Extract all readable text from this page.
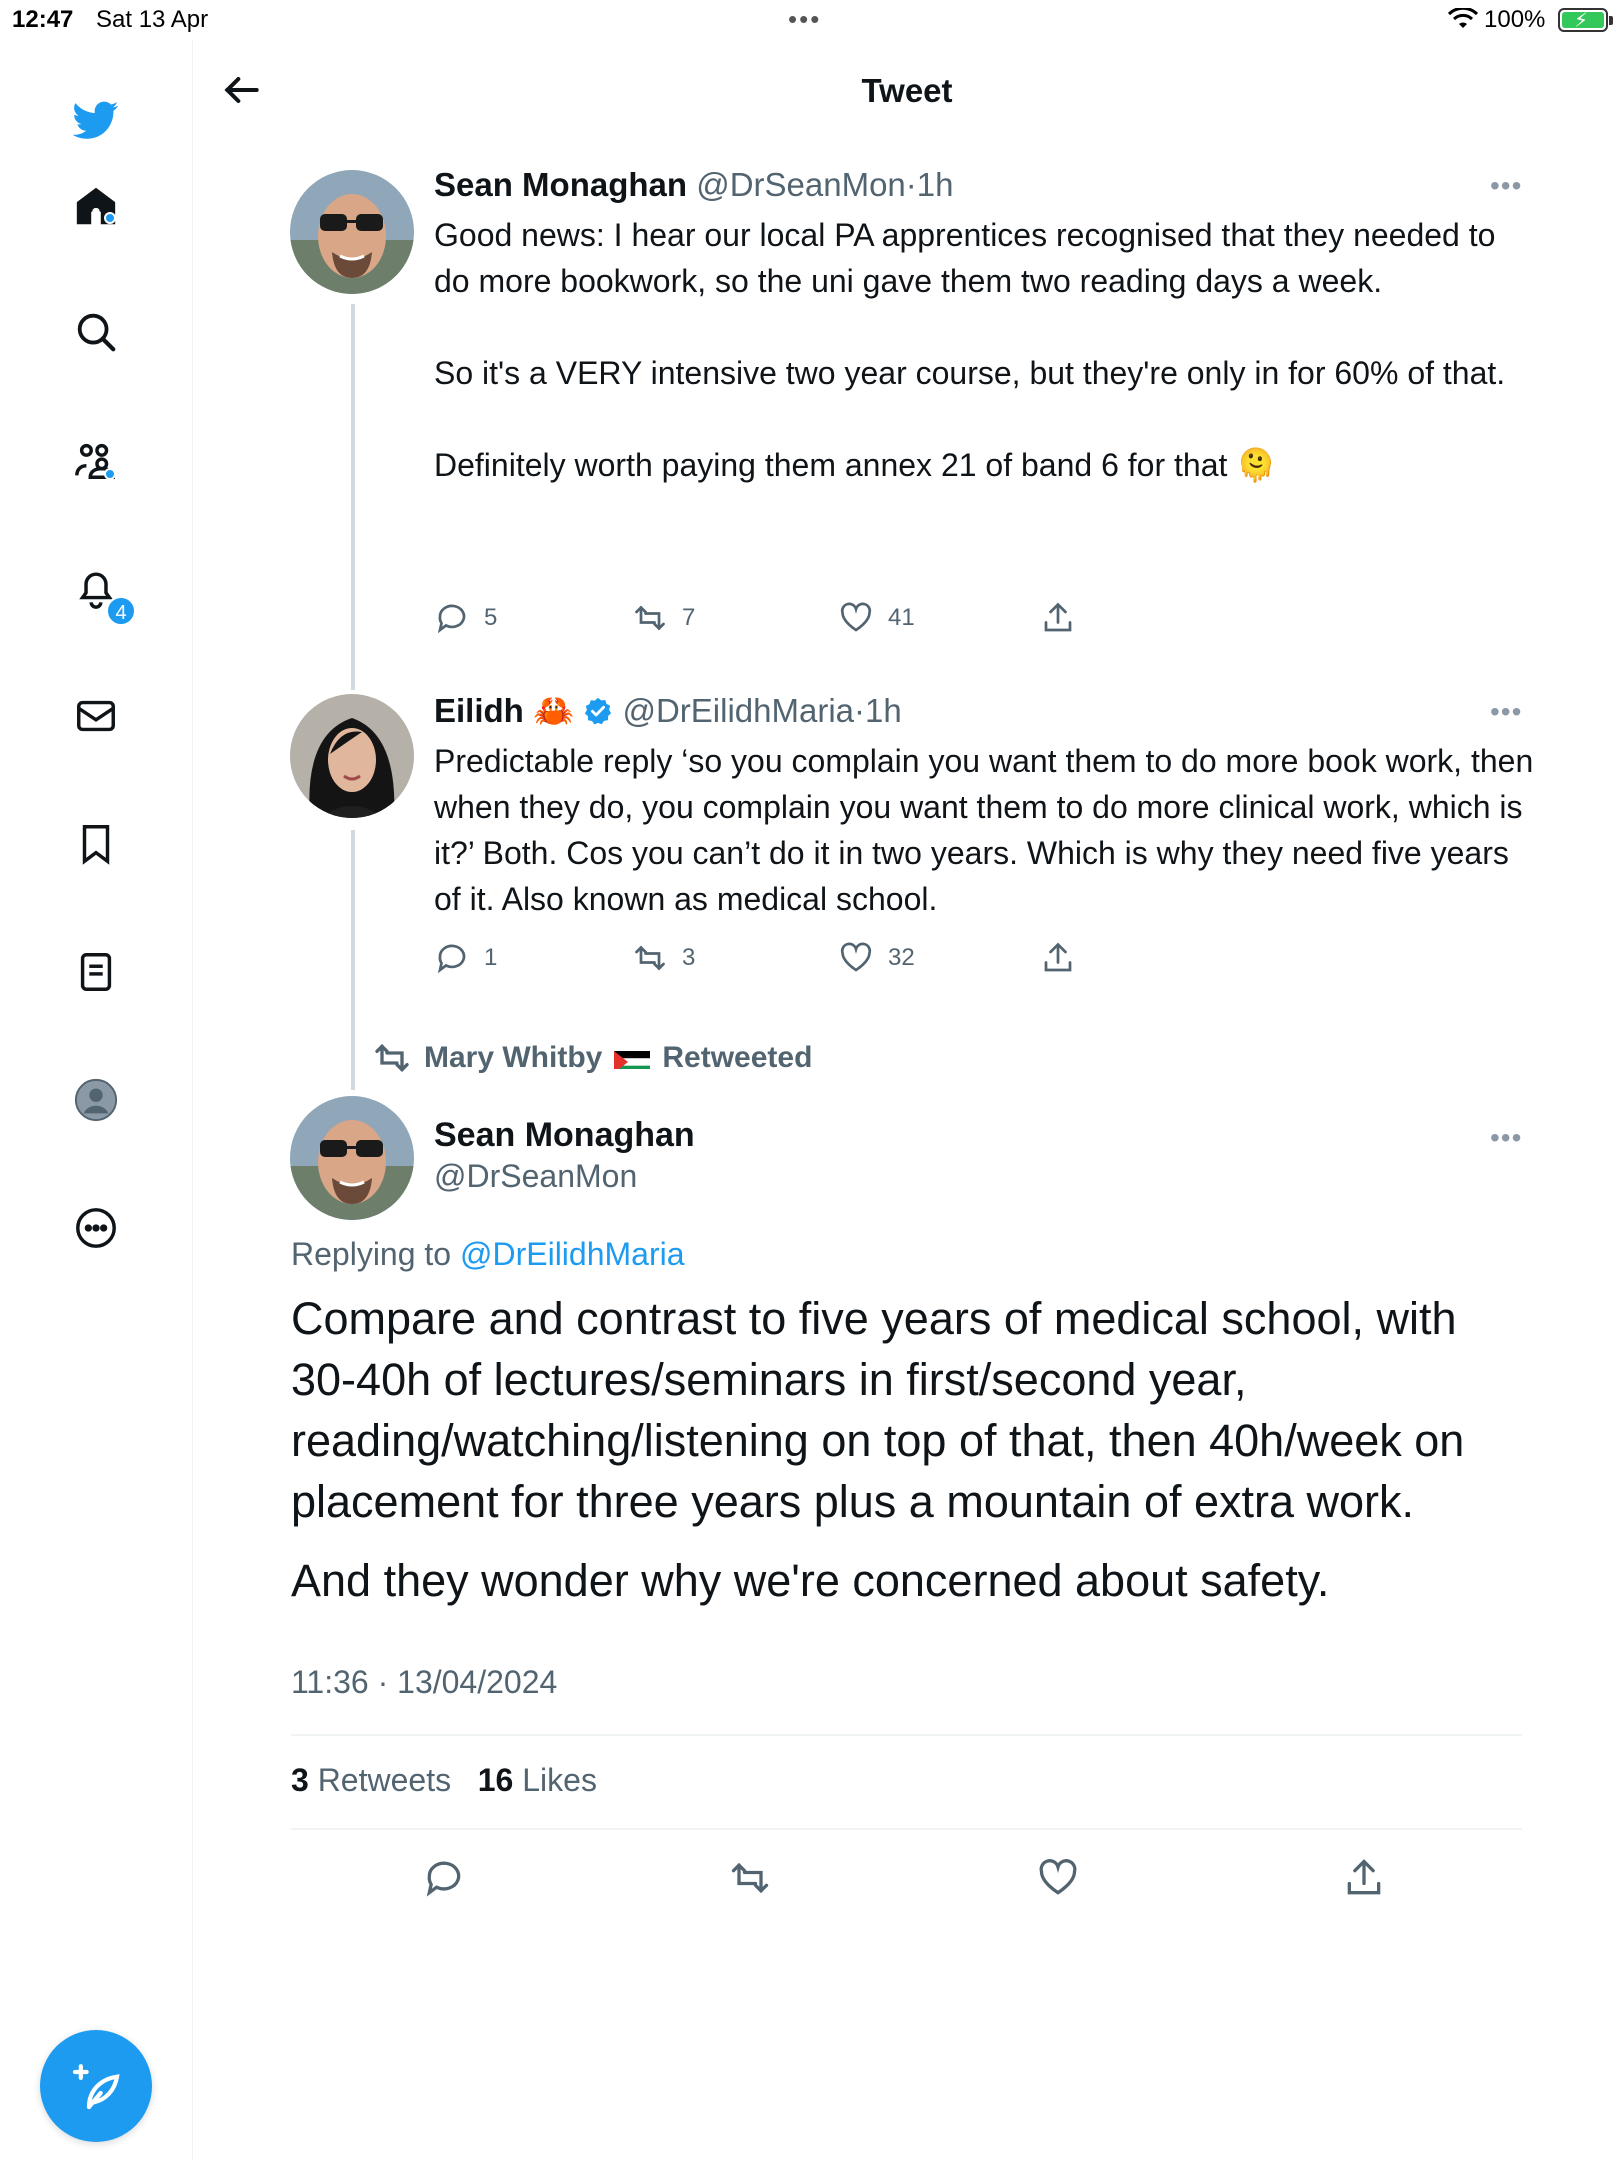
12:47 Sat 13 Apr	•••	100% ⚡
4
Tweet
Sean Monaghan @DrSeanMon·1h	•••

Good news: I hear our local PA apprentices recognised that they needed to do more bookwork, so the uni gave them two reading days a week.

So it's a VERY intensive two year course, but they're only in for 60% of that.

Definitely worth paying them annex 21 of band 6 for that 🫠

5	7	41
Eilidh 🦀 @DrEilidhMaria·1h	•••

Predictable reply ‘so you complain you want them to do more book work, then when they do, you complain you want them to do more clinical work, which is it?’ Both. Cos you can’t do it in two years. Which is why they need five years of it. Also known as medical school.

1	3	32
Mary Whitby Retweeted
Sean Monaghan
@DrSeanMon
•••
Replying to @DrEilidhMaria

Compare and contrast to five years of medical school, with 30-40h of lectures/seminars in first/second year, reading/watching/listening on top of that, then 40h/week on placement for three years plus a mountain of extra work.

And they wonder why we're concerned about safety.

11:36 · 13/04/2024
3 Retweets 16 Likes
